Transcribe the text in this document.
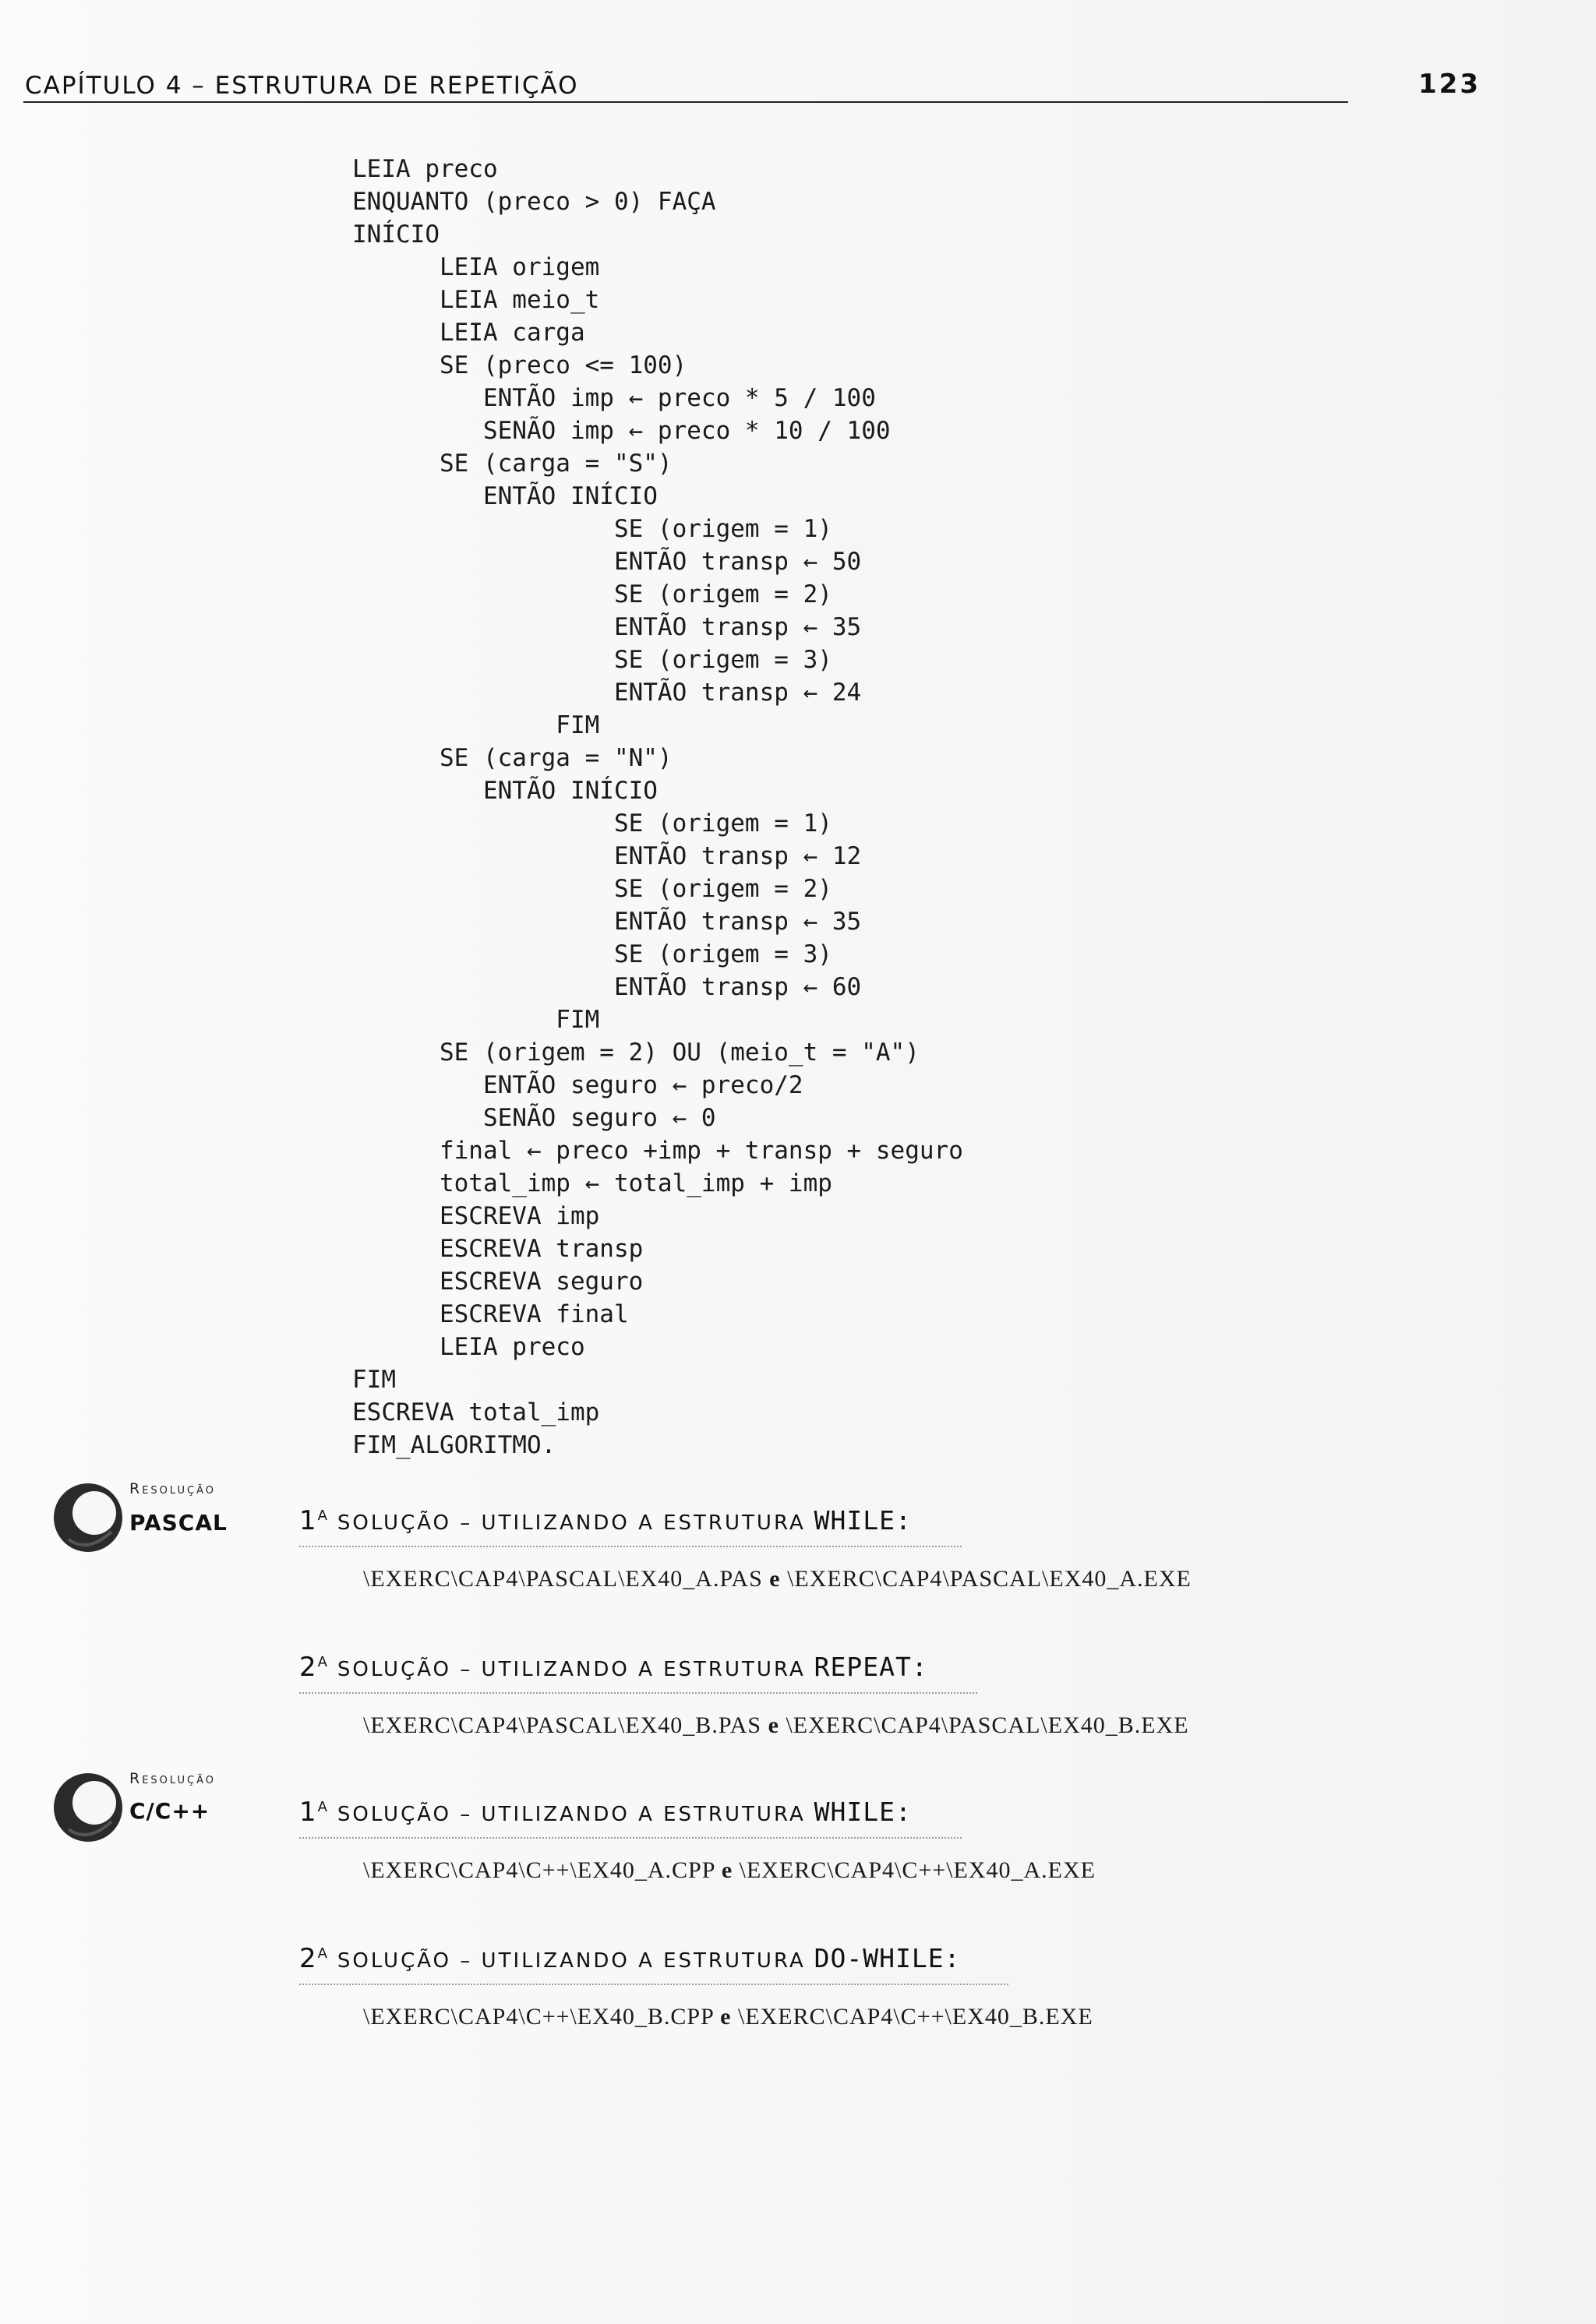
CAPÍTULO 4 – ESTRUTURA DE REPETIÇÃO	123
LEIA preco
ENQUANTO (preco > 0) FAÇA
INÍCIO
LEIA origem
LEIA meio_t
LEIA carga
SE (preco <= 100)
ENTÃO imp ← preco * 5 / 100
SENÃO imp ← preco * 10 / 100
SE (carga = "S")
ENTÃO INÍCIO
SE (origem = 1)
ENTÃO transp ← 50
SE (origem = 2)
ENTÃO transp ← 35
SE (origem = 3)
ENTÃO transp ← 24
FIM
SE (carga = "N")
ENTÃO INÍCIO
SE (origem = 1)
ENTÃO transp ← 12
SE (origem = 2)
ENTÃO transp ← 35
SE (origem = 3)
ENTÃO transp ← 60
FIM
SE (origem = 2) OU (meio_t = "A")
ENTÃO seguro ← preco/2
SENÃO seguro ← 0
final ← preco +imp + transp + seguro
total_imp ← total_imp + imp
ESCREVA imp
ESCREVA transp
ESCREVA seguro
ESCREVA final
LEIA preco
FIM
ESCREVA total_imp
FIM_ALGORITMO.
Resolução
PASCAL	$1^A$ SOLUÇÃO – UTILIZANDO A ESTRUTURA WHILE:
\EXERC\CAP4\PASCAL\EX40_A.PAS e \EXERC\CAP4\PASCAL\EX40_A.EXE
$2^A$ SOLUÇÃO – UTILIZANDO A ESTRUTURA REPEAT:
\EXERC\CAP4\PASCAL\EX40_B.PAS e \EXERC\CAP4\PASCAL\EX40_B.EXE
Resolução
C/C++	$1^A$ SOLUÇÃO – UTILIZANDO A ESTRUTURA WHILE:
\EXERC\CAP4\C++\EX40_A.CPP e \EXERC\CAP4\C++\EX40_A.EXE
$2^A$ SOLUÇÃO – UTILIZANDO A ESTRUTURA DO-WHILE:
\EXERC\CAP4\C++\EX40_B.CPP e \EXERC\CAP4\C++\EX40_B.EXE
